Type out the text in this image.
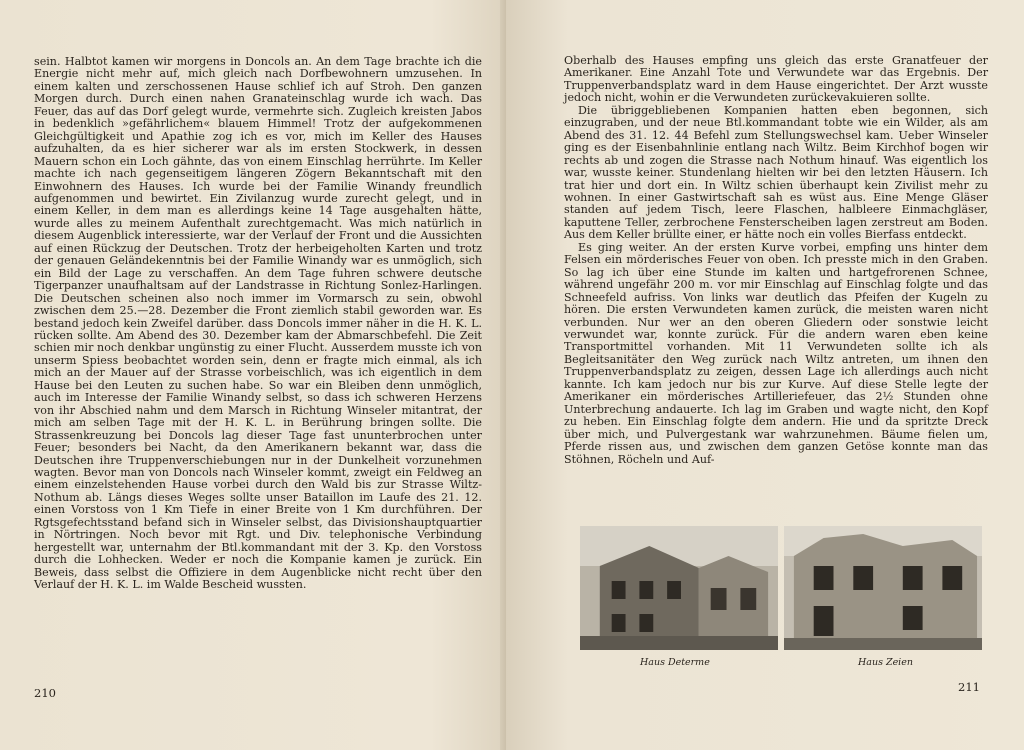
sein. Halbtot kamen wir morgens in Doncols an. An dem Tage brachte ich die Energie nicht mehr auf, mich gleich nach Dorfbewohnern umzusehen. In einem kalten und zerschossenen Hause schlief ich auf Stroh. Den ganzen Morgen durch. Durch einen nahen Granateinschlag wurde ich wach. Das Feuer, das auf das Dorf gelegt wurde, vermehrte sich. Zugleich kreisten Jabos in bedenklich »gefährlichem« blauem Himmel! Trotz der aufgekommenen Gleichgültigkeit und Apathie zog ich es vor, mich im Keller des Hauses aufzuhalten, da es hier sicherer war als im ersten Stockwerk, in dessen Mauern schon ein Loch gähnte, das von einem Einschlag herrührte. Im Keller machte ich nach gegenseitigem längeren Zögern Bekanntschaft mit den Einwohnern des Hauses. Ich wurde bei der Familie Winandy freundlich aufgenommen und bewirtet. Ein Zivilanzug wurde zurecht gelegt, und in einem Keller, in dem man es allerdings keine 14 Tage ausgehalten hätte, wurde alles zu meinem Aufenthalt zurechtgemacht. Was mich natürlich in diesem Augenblick interessierte, war der Verlauf der Front und die Aussichten auf einen Rückzug der Deutschen. Trotz der herbeigeholten Karten und trotz der genauen Geländekenntnis bei der Familie Winandy war es unmöglich, sich ein Bild der Lage zu verschaffen. An dem Tage fuhren schwere deutsche Tigerpanzer unaufhaltsam auf der Landstrasse in Richtung Sonlez-Harlingen. Die Deutschen scheinen also noch immer im Vormarsch zu sein, obwohl zwischen dem 25.—28. Dezember die Front ziemlich stabil geworden war. Es bestand jedoch kein Zweifel darüber. dass Doncols immer näher in die H. K. L. rücken sollte. Am Abend des 30. Dezember kam der Abmarschbefehl. Die Zeit schien mir noch denkbar ungünstig zu einer Flucht. Ausserdem musste ich von unserm Spiess beobachtet worden sein, denn er fragte mich einmal, als ich mich an der Mauer auf der Strasse vorbeischlich, was ich eigentlich in dem Hause bei den Leuten zu suchen habe. So war ein Bleiben denn unmöglich, auch im Interesse der Familie Winandy selbst, so dass ich schweren Herzens von ihr Abschied nahm und dem Marsch in Richtung Winseler mitantrat, der mich am selben Tage mit der H. K. L. in Berührung bringen sollte. Die Strassenkreuzung bei Doncols lag dieser Tage fast ununterbrochen unter Feuer; besonders bei Nacht, da den Amerikanern bekannt war, dass die Deutschen ihre Truppenverschiebungen nur in der Dunkelheit vorzunehmen wagten. Bevor man von Doncols nach Winseler kommt, zweigt ein Feldweg an einem einzelstehenden Hause vorbei durch den Wald bis zur Strasse Wiltz-Nothum ab. Längs dieses Weges sollte unser Bataillon im Laufe des 21. 12. einen Vorstoss von 1 Km Tiefe in einer Breite von 1 Km durchführen. Der Rgtsgefechtsstand befand sich in Winseler selbst, das Divisionshauptquartier in Nörtringen. Noch bevor mit Rgt. und Div. telephonische Verbindung hergestellt war, unternahm der Btl.kommandant mit der 3. Kp. den Vorstoss durch die Lohhecken. Weder er noch die Kompanie kamen je zurück. Ein Beweis, dass selbst die Offiziere in dem Augenblicke nicht recht über den Verlauf der H. K. L. im Walde Bescheid wussten.

210

Oberhalb des Hauses empfing uns gleich das erste Granatfeuer der Amerikaner. Eine Anzahl Tote und Verwundete war das Ergebnis. Der Truppenverbandsplatz ward in dem Hause eingerichtet. Der Arzt wusste jedoch nicht, wohin er die Verwundeten zurückevakuieren sollte.

Die übriggebliebenen Kompanien hatten eben begonnen, sich einzugraben, und der neue Btl.kommandant tobte wie ein Wilder, als am Abend des 31. 12. 44 Befehl zum Stellungswechsel kam. Ueber Winseler ging es der Eisenbahnlinie entlang nach Wiltz. Beim Kirchhof bogen wir rechts ab und zogen die Strasse nach Nothum hinauf. Was eigentlich los war, wusste keiner. Stundenlang hielten wir bei den letzten Häusern. Ich trat hier und dort ein. In Wiltz schien überhaupt kein Zivilist mehr zu wohnen. In einer Gastwirtschaft sah es wüst aus. Eine Menge Gläser standen auf jedem Tisch, leere Flaschen, halbleere Einmachgläser, kaputtene Teller, zerbrochene Fensterscheiben lagen zerstreut am Boden. Aus dem Keller brüllte einer, er hätte noch ein volles Bierfass entdeckt.

Es ging weiter. An der ersten Kurve vorbei, empfing uns hinter dem Felsen ein mörderisches Feuer von oben. Ich presste mich in den Graben. So lag ich über eine Stunde im kalten und hartgefrorenen Schnee, während ungefähr 200 m. vor mir Einschlag auf Einschlag folgte und das Schneefeld aufriss. Von links war deutlich das Pfeifen der Kugeln zu hören. Die ersten Verwundeten kamen zurück, die meisten waren nicht verbunden. Nur wer an den oberen Gliedern oder sonstwie leicht verwundet war, konnte zurück. Für die andern waren eben keine Transportmittel vorhanden. Mit 11 Verwundeten sollte ich als Begleitsanitäter den Weg zurück nach Wiltz antreten, um ihnen den Truppenverbandsplatz zu zeigen, dessen Lage ich allerdings auch nicht kannte. Ich kam jedoch nur bis zur Kurve. Auf diese Stelle legte der Amerikaner ein mörderisches Artilleriefeuer, das 2½ Stunden ohne Unterbrechung andauerte. Ich lag im Graben und wagte nicht, den Kopf zu heben. Ein Einschlag folgte dem andern. Hie und da spritzte Dreck über mich, und Pulvergestank war wahrzunehmen. Bäume fielen um, Pferde rissen aus, und zwischen dem ganzen Getöse konnte man das Stöhnen, Röcheln und Auf-

Haus Determe	Haus Zeien
211
